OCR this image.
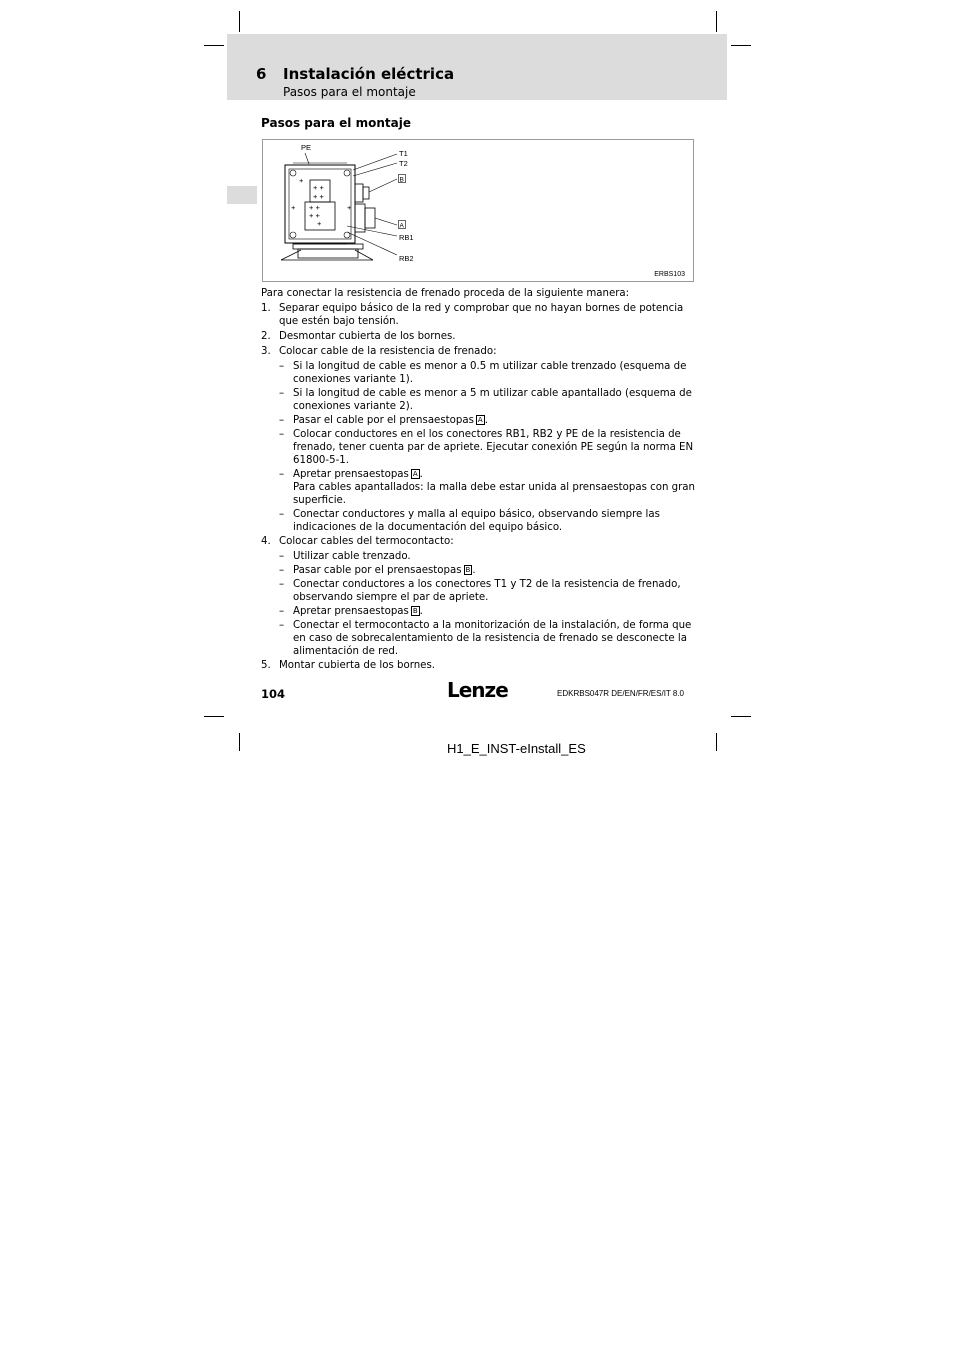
6 Instalación eléctrica
Pasos para el montaje
Pasos para el montaje
+ +
+ +
+ +
+ +
+
+
+	+
PE
T1
T2
B
A
RB1
RB2
ERBS103

Para conectar la resistencia de frenado proceda de la siguiente manera:

1. Separar equipo básico de la red y comprobar que no hayan bornes de potencia que estén bajo tensión.
2. Desmontar cubierta de los bornes.
3. Colocar cable de la resistencia de frenado:
– Si la longitud de cable es menor a 0.5 m utilizar cable trenzado (esquema de conexiones variante 1).
– Si la longitud de cable es menor a 5 m utilizar cable apantallado (esquema de conexiones variante 2).
– Pasar el cable por el prensaestopas A .
– Colocar conductores en el los conectores RB1, RB2 y PE de la resistencia de frenado, tener cuenta par de apriete. Ejecutar conexión PE según la norma EN 61800-5-1.
– Apretar prensaestopas A .
Para cables apantallados: la malla debe estar unida al prensaestopas con gran superficie.
– Conectar conductores y malla al equipo básico, observando siempre las indicaciones de la documentación del equipo básico.
4. Colocar cables del termocontacto:
– Utilizar cable trenzado.
– Pasar cable por el prensaestopas B .
– Conectar conductores a los conectores T1 y T2 de la resistencia de frenado, observando siempre el par de apriete.
– Apretar prensaestopas B .
– Conectar el termocontacto a la monitorización de la instalación, de forma que en caso de sobrecalentamiento de la resistencia de frenado se desconecte la alimentación de red.
5. Montar cubierta de los bornes.
104	Lenze	EDKRBS047R DE/EN/FR/ES/IT 8.0
H1_E_INST-eInstall_ES
